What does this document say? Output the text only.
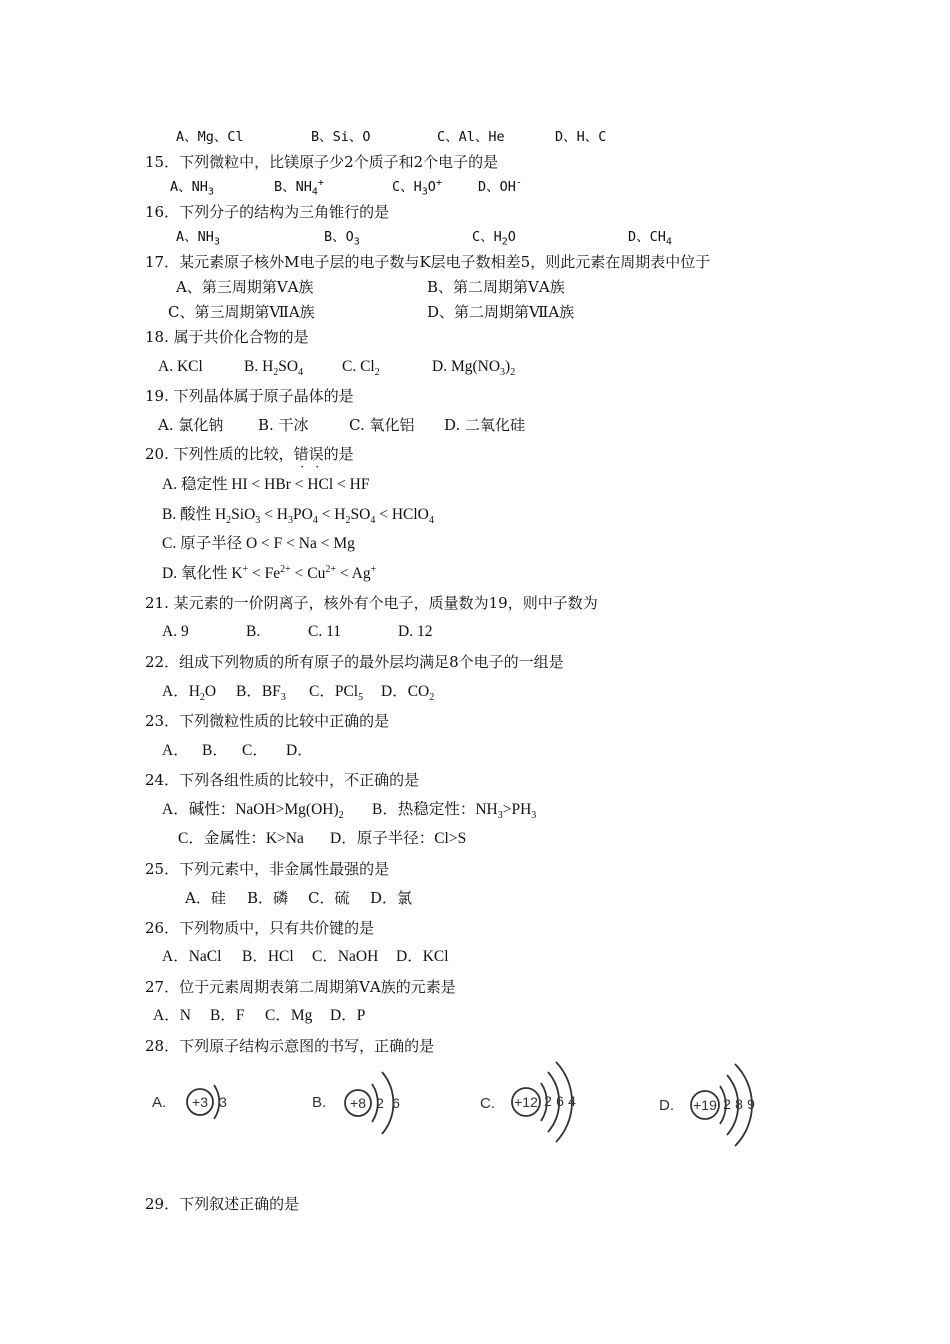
A、Mg、Cl	B、Si、O	C、Al、He	D、H、C
15．下列微粒中，比镁原子少2个质子和2个电子的是
A、$NH_3$	B、$NH_4^+$	C、$H_3O^+$	D、OH-
16．下列分子的结构为三角锥行的是
A、$NH_3$	B、$O_3$	C、$H_2O$	D、$CH_4$
17．某元素原子核外M电子层的电子数与K层电子数相差5，则此元素在周期表中位于
A、第三周期第ⅤA族	B、第二周期第ⅤA族
C、第三周期第ⅦA族	D、第二周期第ⅦA族
18. 属于共价化合物的是
A. KCl	B. $H_2SO_4$	C. $Cl_2$	D. $Mg(NO_3)_2$
19. 下列晶体属于原子晶体的是
A. 氯化钠 B. 干冰	C. 氧化铝 D. 二氧化硅
20. 下列性质的比较，错误的是
A. 稳定性 HI < HBr < HCl < HF
B. 酸性 $H_2SiO_3 < H_3PO_4 < H_2SO_4$ < HClO$_4$
C. 原子半径 O < F < Na < Mg
D. 氧化性 $K^+ < Fe^{2+} < Cu^{2+} < Ag^+$
21. 某元素的一价阴离子，核外有个电子，质量数为19，则中子数为
A. 9	B.	C. 11	D. 12
22．组成下列物质的所有原子的最外层均满足8个电子的一组是
A．$H_2O$ B．$BF_3$ C．PCl$_5$ D．$CO_2$
23．下列微粒性质的比较中正确的是
A． B． C． D．
24．下列各组性质的比较中，不正确的是
A．碱性：$NaOH>Mg(OH)_2$ B．热稳定性：$NH_3>PH_3$
C．金属性：K>Na D．原子半径：Cl>S
25．下列元素中，非金属性最强的是
A．硅 B．磷 C．硫 D．氯
26．下列物质中，只有共价键的是
A．NaCl B．HCl C．NaOH D．KCl
27．位于元素周期表第二周期第ⅤA族的元素是
A．N B．F C．Mg D．P
28．下列原子结构示意图的书写，正确的是
A. +3 3	B. +8 2 6	C. +12 2 6 4	D. +19 2 8 9
29．下列叙述正确的是
